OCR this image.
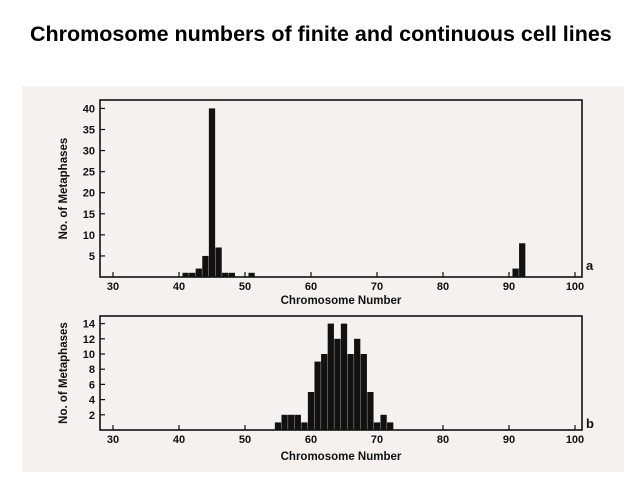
Chromosome numbers of finite and continuous cell lines
5
10
15
20
25
30
35
40
30	40	50	60	70	80	90	100
Chromosome Number
No. of Metaphases
a
2
4
6
8
10
12
14
30	40	50	60	70	80	90	100
Chromosome Number
No. of Metaphases	b
